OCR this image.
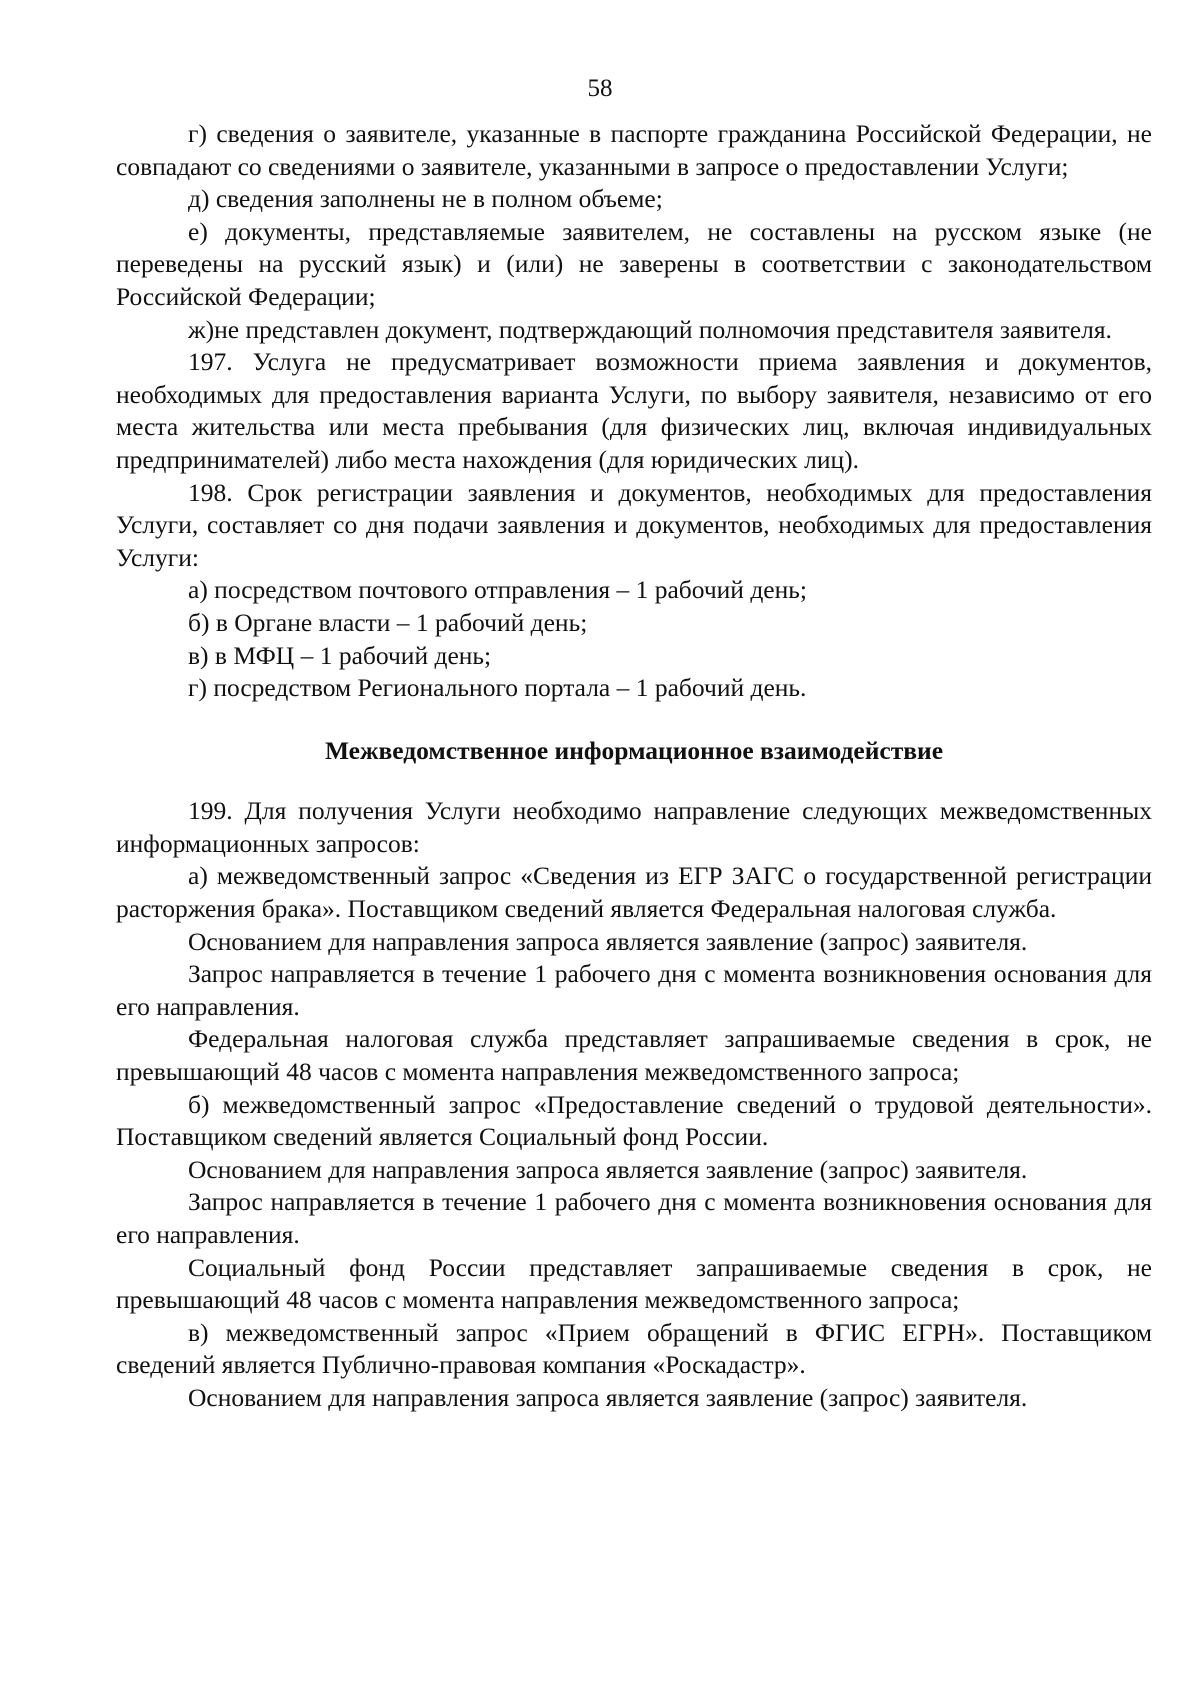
58

г) сведения о заявителе, указанные в паспорте гражданина Российской Федерации, не совпадают со сведениями о заявителе, указанными в запросе о предоставлении Услуги;

д) сведения заполнены не в полном объеме;

е) документы, представляемые заявителем, не составлены на русском языке (не переведены на русский язык) и (или) не заверены в соответствии с законодательством Российской Федерации;

ж)не представлен документ, подтверждающий полномочия представителя заявителя.

197. Услуга не предусматривает возможности приема заявления и документов, необходимых для предоставления варианта Услуги, по выбору заявителя, независимо от его места жительства или места пребывания (для физических лиц, включая индивидуальных предпринимателей) либо места нахождения (для юридических лиц).

198. Срок регистрации заявления и документов, необходимых для предоставления Услуги, составляет со дня подачи заявления и документов, необходимых для предоставления Услуги:

а) посредством почтового отправления – 1 рабочий день;

б) в Органе власти – 1 рабочий день;

в) в МФЦ – 1 рабочий день;

г) посредством Регионального портала – 1 рабочий день.

Межведомственное информационное взаимодействие

199. Для получения Услуги необходимо направление следующих межведомственных информационных запросов:

а) межведомственный запрос «Сведения из ЕГР ЗАГС о государственной регистрации расторжения брака». Поставщиком сведений является Федеральная налоговая служба.

Основанием для направления запроса является заявление (запрос) заявителя.

Запрос направляется в течение 1 рабочего дня с момента возникновения основания для его направления.

Федеральная налоговая служба представляет запрашиваемые сведения в срок, не превышающий 48 часов с момента направления межведомственного запроса;

б) межведомственный запрос «Предоставление сведений о трудовой деятельности». Поставщиком сведений является Социальный фонд России.

Основанием для направления запроса является заявление (запрос) заявителя.

Запрос направляется в течение 1 рабочего дня с момента возникновения основания для его направления.

Социальный фонд России представляет запрашиваемые сведения в срок, не превышающий 48 часов с момента направления межведомственного запроса;

в) межведомственный запрос «Прием обращений в ФГИС ЕГРН». Поставщиком сведений является Публично-правовая компания «Роскадастр».

Основанием для направления запроса является заявление (запрос) заявителя.
